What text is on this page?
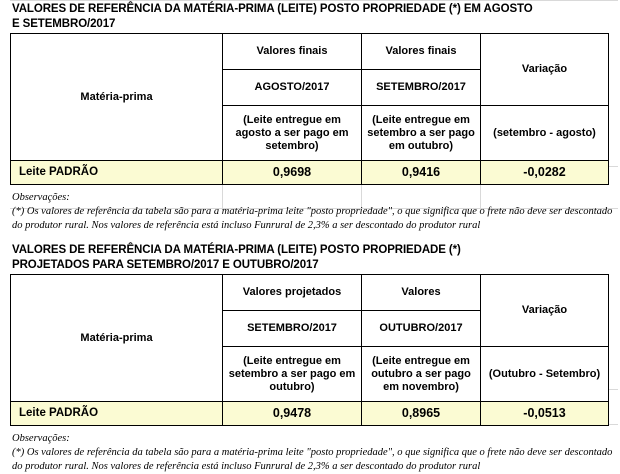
VALORES DE REFERÊNCIA DA MATÉRIA-PRIMA (LEITE) POSTO PROPRIEDADE (*) EM AGOSTO
E SETEMBRO/2017
Matéria-prima	Valores finais	Valores finais	Variação
	AGOSTO/2017	SETEMBRO/2017	
	(Leite entregue em agosto a ser pago em setembro)	(Leite entregue em setembro a ser pago em outubro)	(setembro - agosto)
Leite PADRÃO	0,9698	0,9416	-0,0282
Observações:
(*) Os valores de referência da tabela são para a matéria-prima leite "posto propriedade", o que significa que o frete não deve ser descontado do produtor rural. Nos valores de referência está incluso Funrural de 2,3% a ser descontado do produtor rural
VALORES DE REFERÊNCIA DA MATÉRIA-PRIMA (LEITE) POSTO PROPRIEDADE (*)
PROJETADOS PARA SETEMBRO/2017 E OUTUBRO/2017
Matéria-prima	Valores projetados	Valores	Variação
	SETEMBRO/2017	OUTUBRO/2017	
	(Leite entregue em setembro a ser pago em outubro)	(Leite entregue em outubro a ser pago em novembro)	(Outubro - Setembro)
Leite PADRÃO	0,9478	0,8965	-0,0513
Observações:
(*) Os valores de referência da tabela são para a matéria-prima leite "posto propriedade", o que significa que o frete não deve ser descontado do produtor rural. Nos valores de referência está incluso Funrural de 2,3% a ser descontado do produtor rural
